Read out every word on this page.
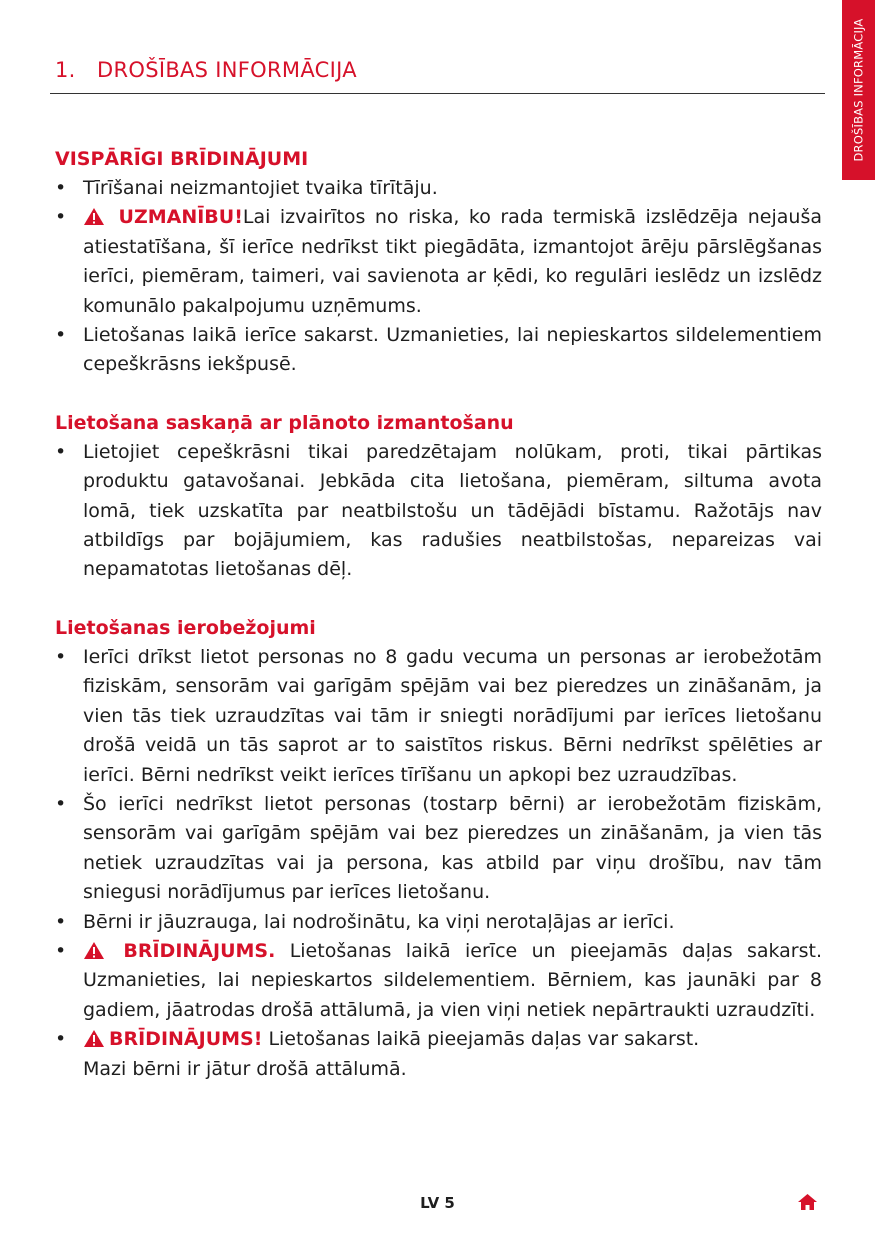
DROŠĪBAS INFORMĀCIJA
1. DROŠĪBAS INFORMĀCIJA
VISPĀRĪGI BRĪDINĀJUMI
• Tīrīšanai neizmantojiet tvaika tīrītāju.
• UZMANĪBU!Lai izvairītos no riska, ko rada termiskā izslēdzēja nejauša atiestatīšana, šī ierīce nedrīkst tikt piegādāta, izmantojot ārēju pārslēgšanas ierīci, piemēram, taimeri, vai savienota ar ķēdi, ko regulāri ieslēdz un izslēdz komunālo pakalpojumu uzņēmums.
• Lietošanas laikā ierīce sakarst. Uzmanieties, lai nepieskartos sildelementiem cepeškrāsns iekšpusē.
Lietošana saskaņā ar plānoto izmantošanu
• Lietojiet cepeškrāsni tikai paredzētajam nolūkam, proti, tikai pārtikas produktu gatavošanai. Jebkāda cita lietošana, piemēram, siltuma avota lomā, tiek uzskatīta par neatbilstošu un tādējādi bīstamu. Ražotājs nav atbildīgs par bojājumiem, kas radušies neatbilstošas, nepareizas vai nepamatotas lietošanas dēļ.
Lietošanas ierobežojumi
• Ierīci drīkst lietot personas no 8 gadu vecuma un personas ar ierobežotām fiziskām, sensorām vai garīgām spējām vai bez pieredzes un zināšanām, ja vien tās tiek uzraudzītas vai tām ir sniegti norādījumi par ierīces lietošanu drošā veidā un tās saprot ar to saistītos riskus. Bērni nedrīkst spēlēties ar ierīci. Bērni nedrīkst veikt ierīces tīrīšanu un apkopi bez uzraudzības.
• Šo ierīci nedrīkst lietot personas (tostarp bērni) ar ierobežotām fiziskām, sensorām vai garīgām spējām vai bez pieredzes un zināšanām, ja vien tās netiek uzraudzītas vai ja persona, kas atbild par viņu drošību, nav tām sniegusi norādījumus par ierīces lietošanu.
• Bērni ir jāuzrauga, lai nodrošinātu, ka viņi nerotaļājas ar ierīci.
• BRĪDINĀJUMS. Lietošanas laikā ierīce un pieejamās daļas sakarst. Uzmanieties, lai nepieskartos sildelementiem. Bērniem, kas jaunāki par 8 gadiem, jāatrodas drošā attālumā, ja vien viņi netiek nepārtraukti uzraudzīti.
• BRĪDINĀJUMS! Lietošanas laikā pieejamās daļas var sakarst.
Mazi bērni ir jātur drošā attālumā.
LV 5
